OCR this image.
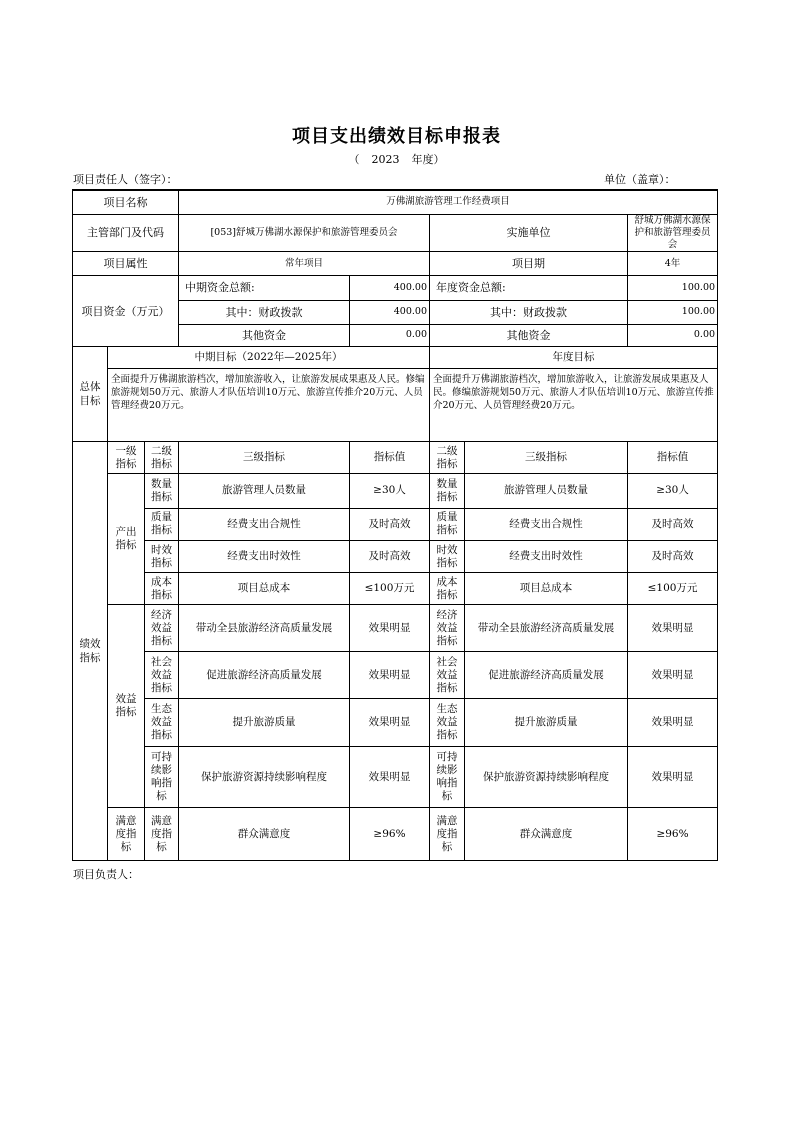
项目支出绩效目标申报表
（ 2023 年度）
项目责任人（签字）：	单位（盖章）：
项目名称			万佛湖旅游管理工作经费项目				
主管部门及代码			[053]舒城万佛湖水源保护和旅游管理委员会		实施单位		舒城万佛湖水源保护和旅游管理委员会
项目属性			常年项目		项目期		4年
项目资金（万元）			中期资金总额:	400.00	年度资金总额:		100.00
			其中：财政拨款	400.00	其中：财政拨款		100.00
			其他资金	0.00	其他资金		0.00
总体目标	中期目标（2022年—2025年）				年度目标		
	全面提升万佛湖旅游档次，增加旅游收入，让旅游发展成果惠及人民。修编旅游规划50万元、旅游人才队伍培训10万元、旅游宣传推介20万元、人员管理经费20万元。				全面提升万佛湖旅游档次，增加旅游收入，让旅游发展成果惠及人民。修编旅游规划50万元、旅游人才队伍培训10万元、旅游宣传推介20万元、人员管理经费20万元。		
绩效指标	一级指标	二级指标	三级指标	指标值	二级指标	三级指标	指标值
	产出指标	数量指标	旅游管理人员数量	≥30人	数量指标	旅游管理人员数量	≥30人
		质量指标	经费支出合规性	及时高效	质量指标	经费支出合规性	及时高效
		时效指标	经费支出时效性	及时高效	时效指标	经费支出时效性	及时高效
		成本指标	项目总成本	≤100万元	成本指标	项目总成本	≤100万元
	效益指标	经济效益指标	带动全县旅游经济高质量发展	效果明显	经济效益指标	带动全县旅游经济高质量发展	效果明显
		社会效益指标	促进旅游经济高质量发展	效果明显	社会效益指标	促进旅游经济高质量发展	效果明显
		生态效益指标	提升旅游质量	效果明显	生态效益指标	提升旅游质量	效果明显
		可持续影响指标	保护旅游资源持续影响程度	效果明显	可持续影响指标	保护旅游资源持续影响程度	效果明显
	满意度指标	满意度指标	群众满意度	≥96%	满意度指标	群众满意度	≥96%
项目负责人：
